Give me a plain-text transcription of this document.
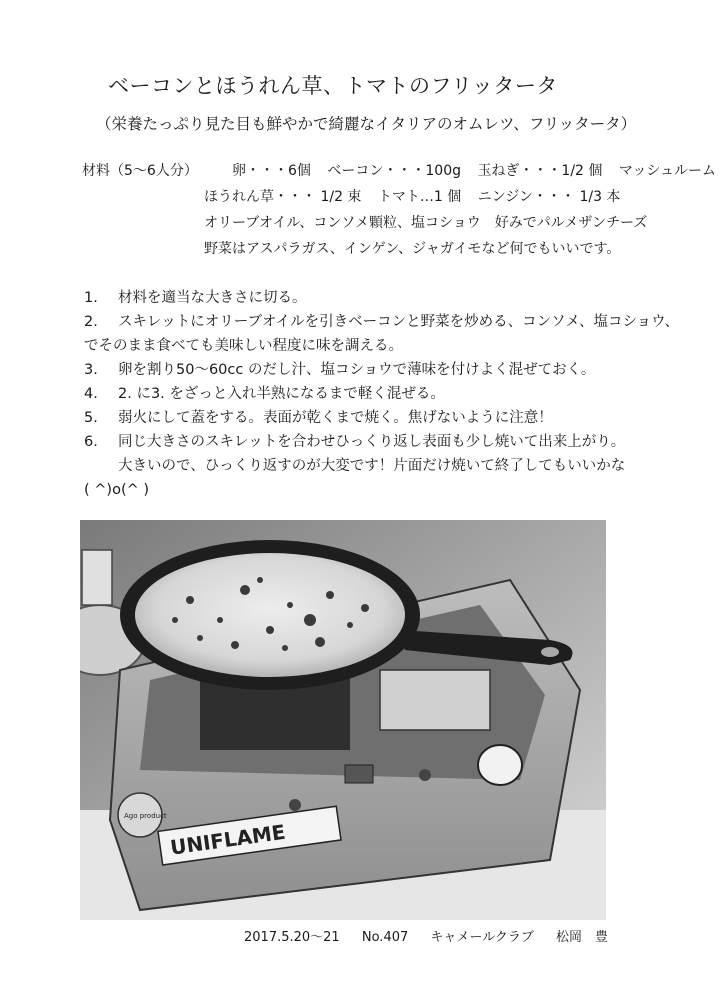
ベーコンとほうれん草、トマトのフリッタータ
（栄養たっぷり見た目も鮮やかで綺麗なイタリアのオムレツ、フリッタータ）
材料（5～6人分） 卵・・・6個 ベーコン・・・100g 玉ねぎ・・・1/2 個 マッシュルーム
ほうれん草・・・ 1/2 束 トマト…1 個 ニンジン・・・ 1/3 本
オリーブオイル、コンソメ顆粒、塩コショウ　好みでパルメザンチーズ
野菜はアスパラガス、インゲン、ジャガイモなど何でもいいです。
1. 材料を適当な大きさに切る。
2. スキレットにオリーブオイルを引きベーコンと野菜を炒める、コンソメ、塩コショウ、
でそのまま食べても美味しい程度に味を調える。
3. 卵を割り50～60cc のだし汁、塩コショウで薄味を付けよく混ぜておく。
4. 2. に3. をざっと入れ半熟になるまで軽く混ぜる。
5. 弱火にして蓋をする。表面が乾くまで焼く。焦げないように注意！
6. 同じ大きさのスキレットを合わせひっくり返し表面も少し焼いて出来上がり。
大きいので、ひっくり返すのが大変です！片面だけ焼いて終了してもいいかな
( ^)o(^ )
UNIFLAME
Ago product
2017.5.20～21 No.407 キャメールクラブ 松岡　豊
